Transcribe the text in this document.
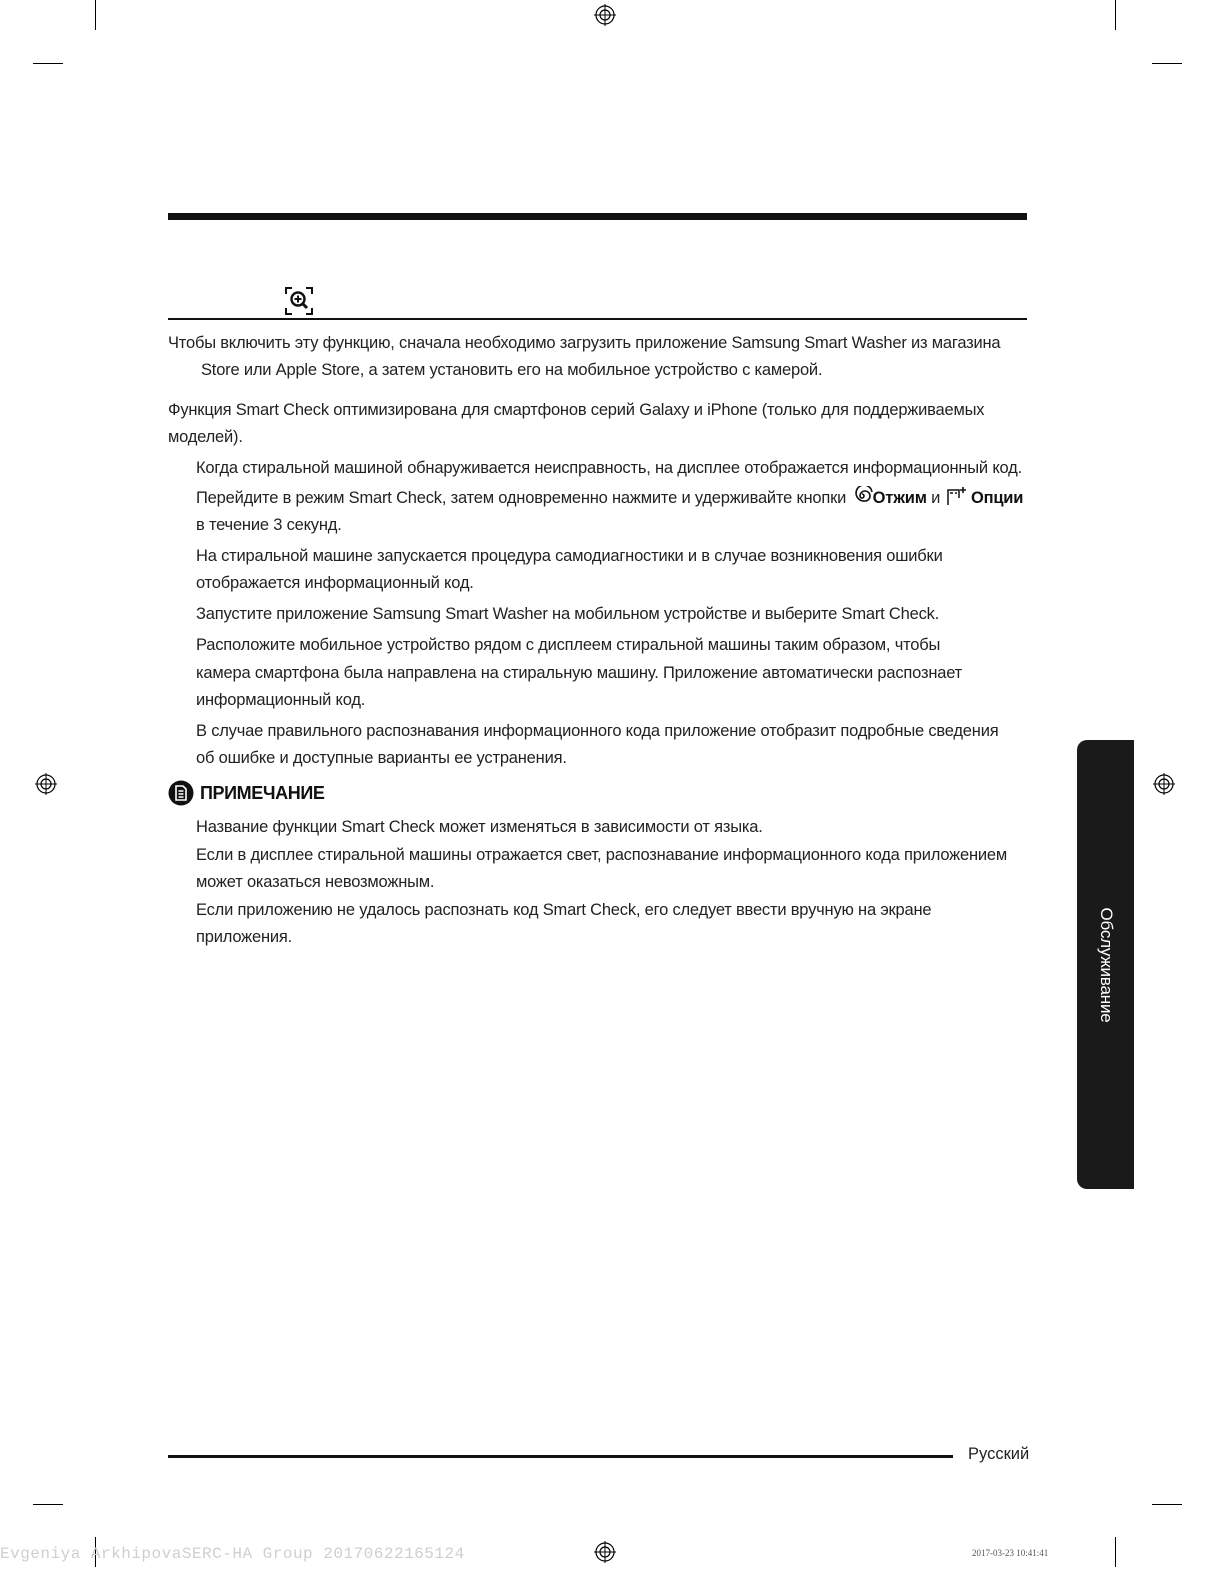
Чтобы включить эту функцию, сначала необходимо загрузить приложение Samsung Smart Washer из магазина

Store или Apple Store, а затем установить его на мобильное устройство с камерой.

Функция Smart Check оптимизирована для смартфонов серий Galaxy и iPhone (только для поддерживаемых

моделей).

Когда стиральной машиной обнаруживается неисправность, на дисплее отображается информационный код.

Перейдите в режим Smart Check, затем одновременно нажмите и удерживайте кнопки Отжим и Опции

в течение 3 секунд.

На стиральной машине запускается процедура самодиагностики и в случае возникновения ошибки

отображается информационный код.

Запустите приложение Samsung Smart Washer на мобильном устройстве и выберите Smart Check.

Расположите мобильное устройство рядом с дисплеем стиральной машины таким образом, чтобы

камера смартфона была направлена на стиральную машину. Приложение автоматически распознает

информационный код.

В случае правильного распознавания информационного кода приложение отобразит подробные сведения

об ошибке и доступные варианты ее устранения.

ПРИМЕЧАНИЕ

Название функции Smart Check может изменяться в зависимости от языка.

Если в дисплее стиральной машины отражается свет, распознавание информационного кода приложением

может оказаться невозможным.

Если приложению не удалось распознать код Smart Check, его следует ввести вручную на экране

приложения.	Обслуживание
Русский
Evgeniya ArkhipovaSERC-HA Group 20170622165124	2017-03-23 10:41:41
